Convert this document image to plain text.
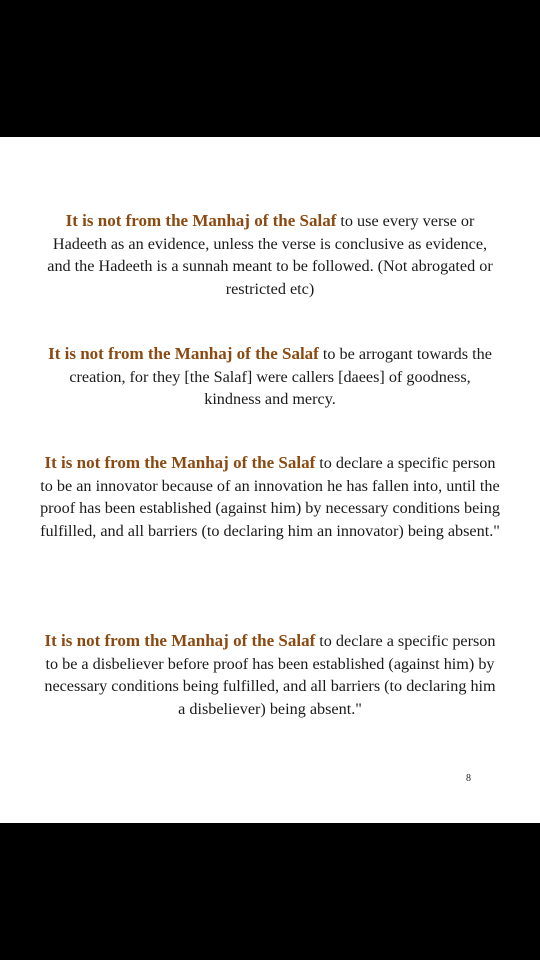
It is not from the Manhaj of the Salaf to use every verse or Hadeeth as an evidence, unless the verse is conclusive as evidence, and the Hadeeth is a sunnah meant to be followed. (Not abrogated or restricted etc)

It is not from the Manhaj of the Salaf to be arrogant towards the creation, for they [the Salaf] were callers [daees] of goodness, kindness and mercy.

It is not from the Manhaj of the Salaf to declare a specific person to be an innovator because of an innovation he has fallen into, until the proof has been established (against him) by necessary conditions being fulfilled, and all barriers (to declaring him an innovator) being absent."

It is not from the Manhaj of the Salaf to declare a specific person to be a disbeliever before proof has been established (against him) by necessary conditions being fulfilled, and all barriers (to declaring him a disbeliever) being absent."

8
